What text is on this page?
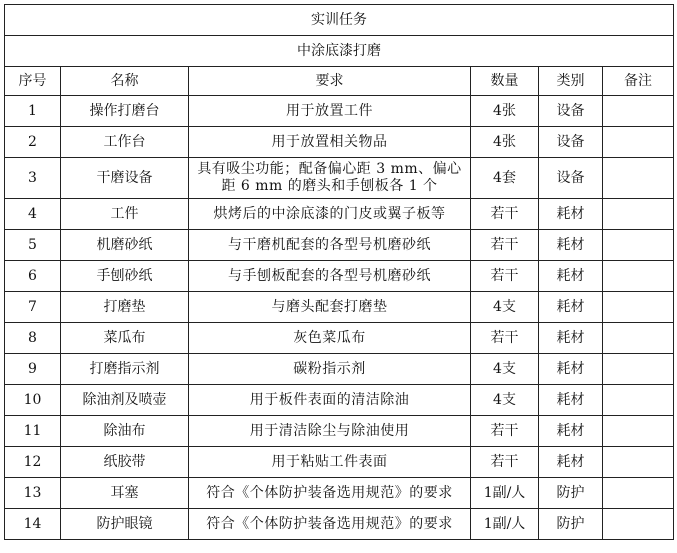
实训任务					
中涂底漆打磨					
序号	名称	要求	数量	类别	备注
1	操作打磨台	用于放置工件	4张	设备	
2	工作台	用于放置相关物品	4张	设备	
3	干磨设备	具有吸尘功能；配备偏心距 3 mm、偏心距 6 mm 的磨头和手刨板各 1 个	4套	设备	
4	工件	烘烤后的中涂底漆的门皮或翼子板等	若干	耗材	
5	机磨砂纸	与干磨机配套的各型号机磨砂纸	若干	耗材	
6	手刨砂纸	与手刨板配套的各型号机磨砂纸	若干	耗材	
7	打磨垫	与磨头配套打磨垫	4支	耗材	
8	菜瓜布	灰色菜瓜布	若干	耗材	
9	打磨指示剂	碳粉指示剂	4支	耗材	
10	除油剂及喷壶	用于板件表面的清洁除油	4支	耗材	
11	除油布	用于清洁除尘与除油使用	若干	耗材	
12	纸胶带	用于粘贴工件表面	若干	耗材	
13	耳塞	符合《个体防护装备选用规范》的要求	1副/人	防护	
14	防护眼镜	符合《个体防护装备选用规范》的要求	1副/人	防护	
